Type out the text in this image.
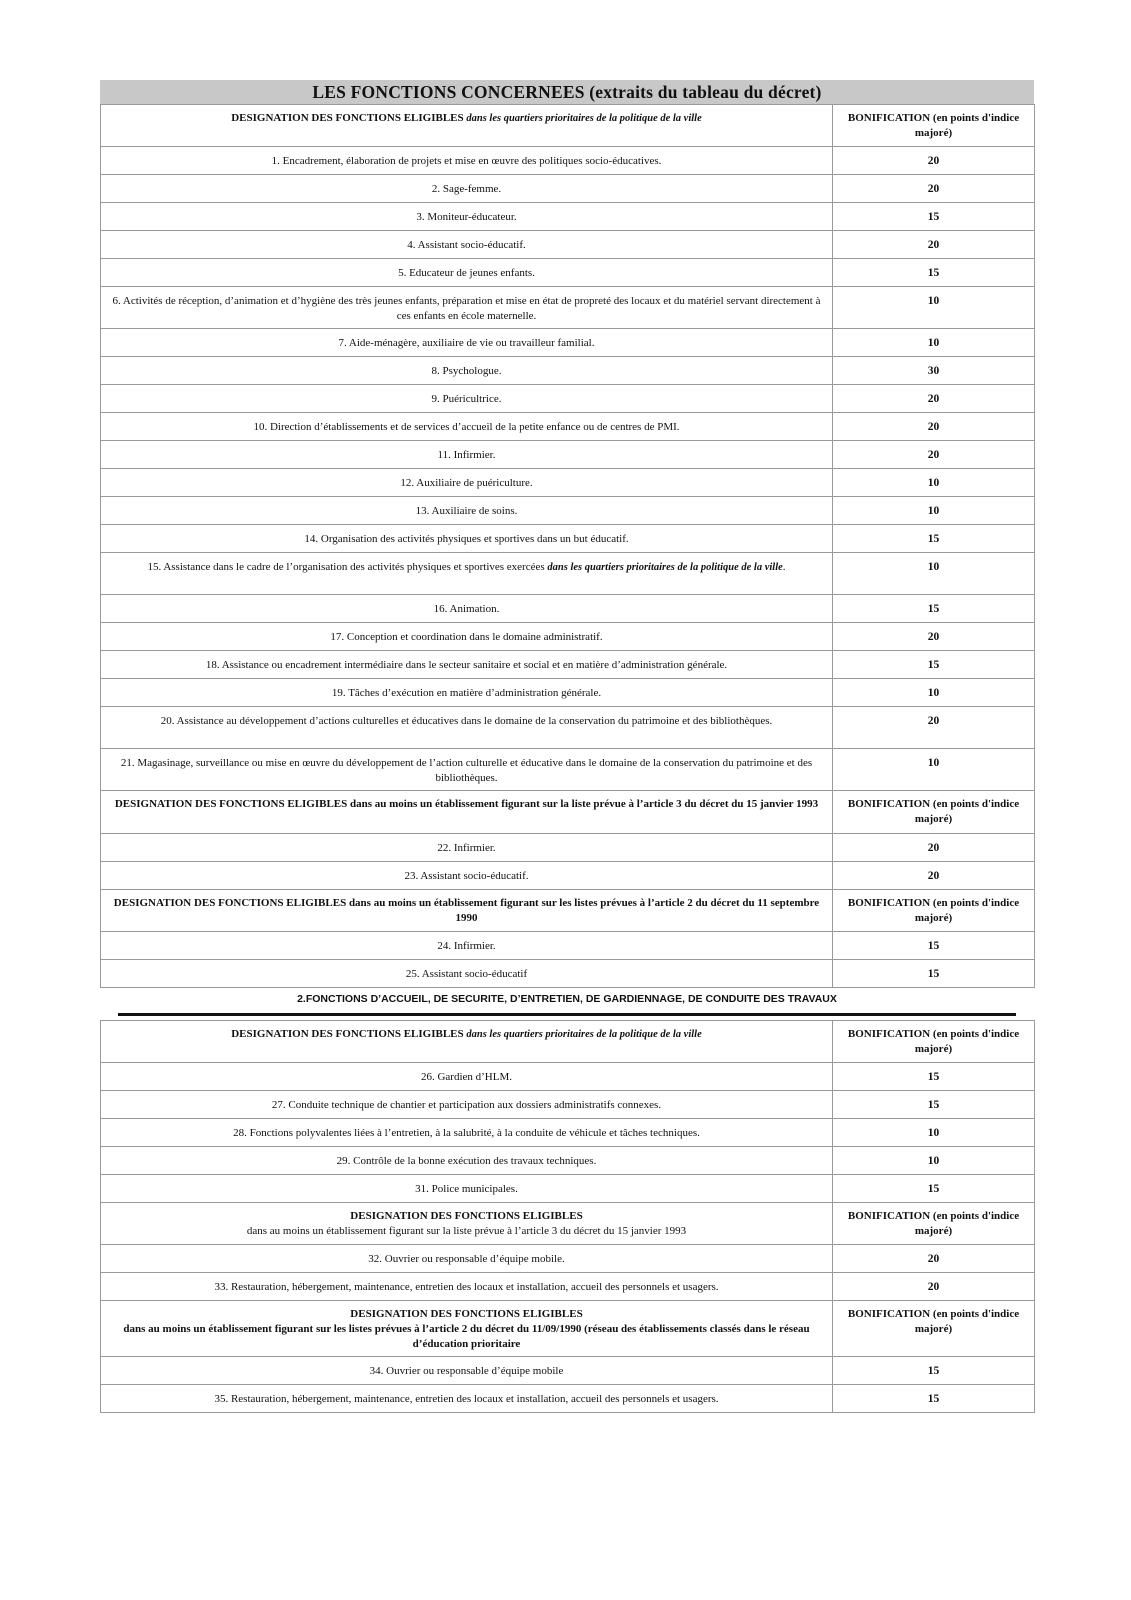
LES FONCTIONS CONCERNEES (extraits du tableau du décret)
DESIGNATION DES FONCTIONS ELIGIBLES dans les quartiers prioritaires de la politique de la ville	BONIFICATION (en points d'indice majoré)
1. Encadrement, élaboration de projets et mise en œuvre des politiques socio-éducatives.	20
2. Sage-femme.	20
3. Moniteur-éducateur.	15
4. Assistant socio-éducatif.	20
5. Educateur de jeunes enfants.	15
6. Activités de réception, d’animation et d’hygiène des très jeunes enfants, préparation et mise en état de propreté des locaux et du matériel servant directement à ces enfants en école maternelle.	10
7. Aide-ménagère, auxiliaire de vie ou travailleur familial.	10
8. Psychologue.	30
9. Puéricultrice.	20
10. Direction d’établissements et de services d’accueil de la petite enfance ou de centres de PMI.	20
11. Infirmier.	20
12. Auxiliaire de puériculture.	10
13. Auxiliaire de soins.	10
14. Organisation des activités physiques et sportives dans un but éducatif.	15
15. Assistance dans le cadre de l’organisation des activités physiques et sportives exercées dans les quartiers prioritaires de la politique de la ville.	10
16. Animation.	15
17. Conception et coordination dans le domaine administratif.	20
18. Assistance ou encadrement intermédiaire dans le secteur sanitaire et social et en matière d’administration générale.	15
19. Tâches d’exécution en matière d’administration générale.	10
20. Assistance au développement d’actions culturelles et éducatives dans le domaine de la conservation du patrimoine et des bibliothèques.	20
21. Magasinage, surveillance ou mise en œuvre du développement de l’action culturelle et éducative dans le domaine de la conservation du patrimoine et des bibliothèques.	10
DESIGNATION DES FONCTIONS ELIGIBLES dans au moins un établissement figurant sur la liste prévue à l’article 3 du décret du 15 janvier 1993	BONIFICATION (en points d'indice majoré)
22. Infirmier.	20
23. Assistant socio-éducatif.	20
DESIGNATION DES FONCTIONS ELIGIBLES dans au moins un établissement figurant sur les listes prévues à l’article 2 du décret du 11 septembre 1990	BONIFICATION (en points d'indice majoré)
24. Infirmier.	15
25. Assistant socio-éducatif	15
2.FONCTIONS D’ACCUEIL, DE SECURITE, D’ENTRETIEN, DE GARDIENNAGE, DE CONDUITE DES TRAVAUX
DESIGNATION DES FONCTIONS ELIGIBLES dans les quartiers prioritaires de la politique de la ville	BONIFICATION (en points d'indice majoré)
26. Gardien d’HLM.	15
27. Conduite technique de chantier et participation aux dossiers administratifs connexes.	15
28. Fonctions polyvalentes liées à l’entretien, à la salubrité, à la conduite de véhicule et tâches techniques.	10
29. Contrôle de la bonne exécution des travaux techniques.	10
31. Police municipales.	15

DESIGNATION DES FONCTIONS ELIGIBLES
dans au moins un établissement figurant sur la liste prévue à l’article 3 du décret du 15 janvier 1993	BONIFICATION (en points d'indice majoré)
32. Ouvrier ou responsable d’équipe mobile.	20
33. Restauration, hébergement, maintenance, entretien des locaux et installation, accueil des personnels et usagers.	20

DESIGNATION DES FONCTIONS ELIGIBLES
dans au moins un établissement figurant sur les listes prévues à l’article 2 du décret du 11/09/1990 (réseau des établissements classés dans le réseau d’éducation prioritaire	BONIFICATION (en points d'indice majoré)
34. Ouvrier ou responsable d’équipe mobile	15
35. Restauration, hébergement, maintenance, entretien des locaux et installation, accueil des personnels et usagers.	15
